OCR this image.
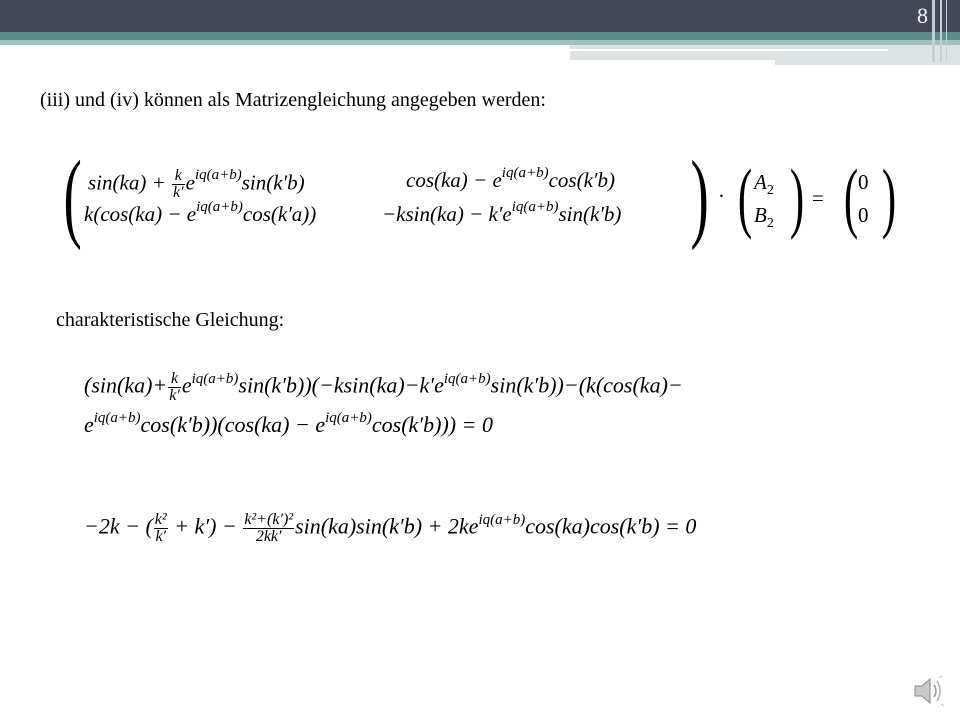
8
(iii) und (iv) können als Matrizengleichung angegeben werden:
( $\sin(ka) + \frac{k}{k'} e^{iq(a+b)}\sin(k'b)$	$\cos(ka) - e^{iq(a+b)}\cos(k'b)$
$k(\cos(ka) - e^{iq(a+b)}\cos(k'a))$	$-ksin(ka) - k'e^{iq(a+b)}\sin(k'b)$ ) · ( $A_2$
$B_2$ ) = ( 0
0 )
charakteristische Gleichung:
$(\sin(ka)+ \frac{k}{k'} e^{iq(a+b)}\sin(k'b))(-ksin(ka)-k'e^{iq(a+b)}\sin(k'b))-(k(\cos(ka)-$
$e^{iq(a+b)}\cos(k'b))(\cos(ka) - e^{iq(a+b)}\cos(k'b))) = 0$
−2k − ( $\frac{\text{k²}}{k'} + k') - \frac{\text{k²+(k′)²}}{2kk'} \sin(ka)\sin(k'b) + 2ke^{iq(a+b)}\cos(ka)\cos(k'b) = 0$
